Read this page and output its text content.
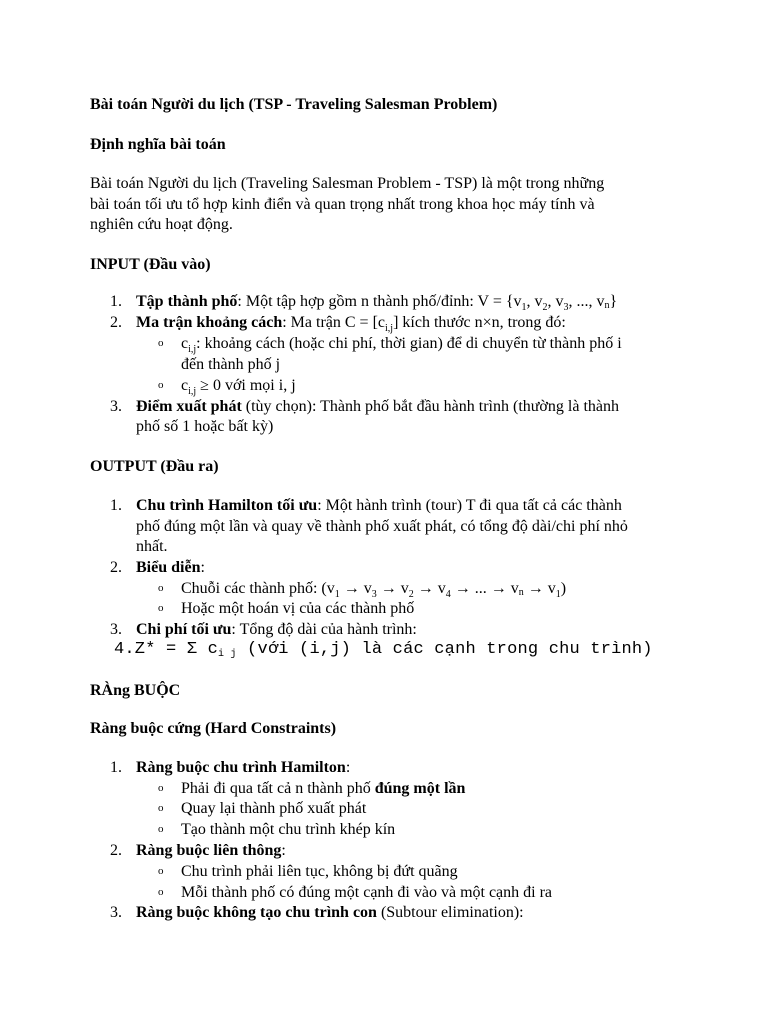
Bài toán Người du lịch (TSP - Traveling Salesman Problem)
Định nghĩa bài toán
Bài toán Người du lịch (Traveling Salesman Problem - TSP) là một trong những
bài toán tối ưu tổ hợp kinh điển và quan trọng nhất trong khoa học máy tính và
nghiên cứu hoạt động.
INPUT (Đầu vào)
1. Tập thành phố: Một tập hợp gồm n thành phố/đỉnh: $V = \{v_1$, $v_2$, $v_3$, ..., vn}
2. Ma trận khoảng cách: Ma trận $C = [c_{i,j}]$ kích thước n×n, trong đó:
o $c_{i,j}$: khoảng cách (hoặc chi phí, thời gian) để di chuyển từ thành phố i
đến thành phố j
o $c_{i,j} \ge 0$ với mọi i, j
3. Điểm xuất phát (tùy chọn): Thành phố bắt đầu hành trình (thường là thành
phố số 1 hoặc bất kỳ)
OUTPUT (Đầu ra)
1. Chu trình Hamilton tối ưu: Một hành trình (tour) T đi qua tất cả các thành
phố đúng một lần và quay về thành phố xuất phát, có tổng độ dài/chi phí nhỏ
nhất.
2. Biểu diễn:
o Chuỗi các thành phố: ($v_1 \to v_3 \to v_2 \to v_4$ → ... → vn → $v_1$)
o Hoặc một hoán vị của các thành phố
3. Chi phí tối ưu: Tổng độ dài của hành trình:
4.Z* = Σ ci j (với (i,j) là các cạnh trong chu trình)
RÀng BUỘC
Ràng buộc cứng (Hard Constraints)
1. Ràng buộc chu trình Hamilton:
o Phải đi qua tất cả n thành phố đúng một lần
o Quay lại thành phố xuất phát
o Tạo thành một chu trình khép kín
2. Ràng buộc liên thông:
o Chu trình phải liên tục, không bị đứt quãng
o Mỗi thành phố có đúng một cạnh đi vào và một cạnh đi ra
3. Ràng buộc không tạo chu trình con (Subtour elimination):
